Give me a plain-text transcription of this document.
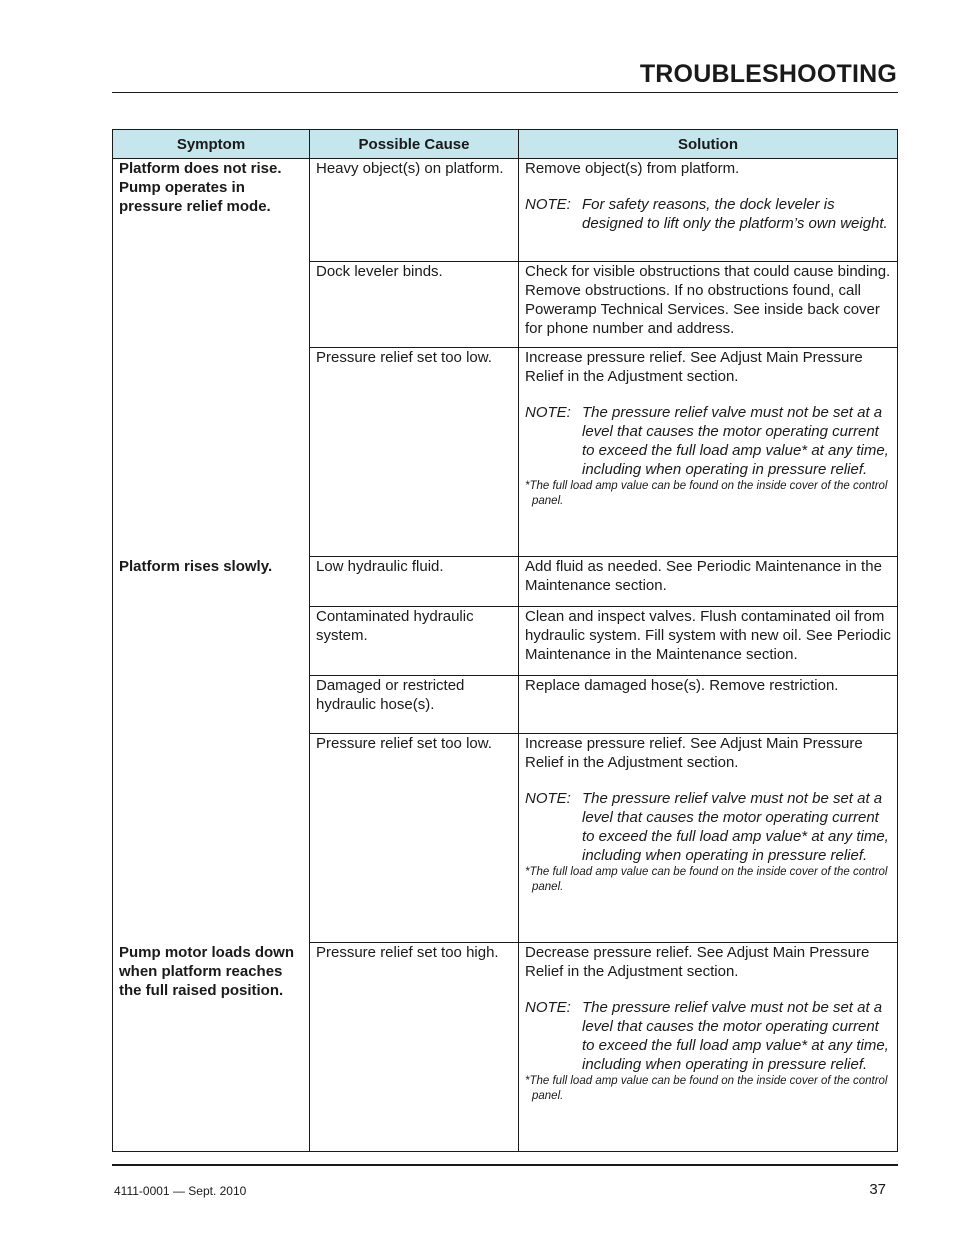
TROUBLESHOOTING
Symptom	Possible Cause	Solution
Platform does not rise. Pump operates in pressure relief mode.	Heavy object(s) on platform.	Remove object(s) from platform.
NOTE: For safety reasons, the dock leveler is designed to lift only the platform’s own weight.

	Dock leveler binds.	Check for visible obstructions that could cause binding. Remove obstructions. If no obstructions found, call Poweramp Technical Services. See inside back cover for phone number and address.

	Pressure relief set too low.	Increase pressure relief. See Adjust Main Pressure Relief in the Adjustment section.
NOTE: The pressure relief valve must not be set at a level that causes the motor operating current to exceed the full load amp value* at any time, including when operating in pressure relief.
*The full load amp value can be found on the inside cover of the control panel.

Platform rises slowly.	Low hydraulic fluid.	Add fluid as needed. See Periodic Maintenance in the Maintenance section.

	Contaminated hydraulic system.	Clean and inspect valves. Flush contaminated oil from hydraulic system. Fill system with new oil. See Periodic Maintenance in the Maintenance section.

	Damaged or restricted hydraulic hose(s).	Replace damaged hose(s). Remove restriction.

	Pressure relief set too low.	Increase pressure relief. See Adjust Main Pressure Relief in the Adjustment section.
NOTE: The pressure relief valve must not be set at a level that causes the motor operating current to exceed the full load amp value* at any time, including when operating in pressure relief.
*The full load amp value can be found on the inside cover of the control panel.

Pump motor loads down when platform reaches the full raised position.	Pressure relief set too high.	Decrease pressure relief. See Adjust Main Pressure Relief in the Adjustment section.
NOTE: The pressure relief valve must not be set at a level that causes the motor operating current to exceed the full load amp value* at any time, including when operating in pressure relief.
*The full load amp value can be found on the inside cover of the control panel.
4111-0001 — Sept. 2010	37
